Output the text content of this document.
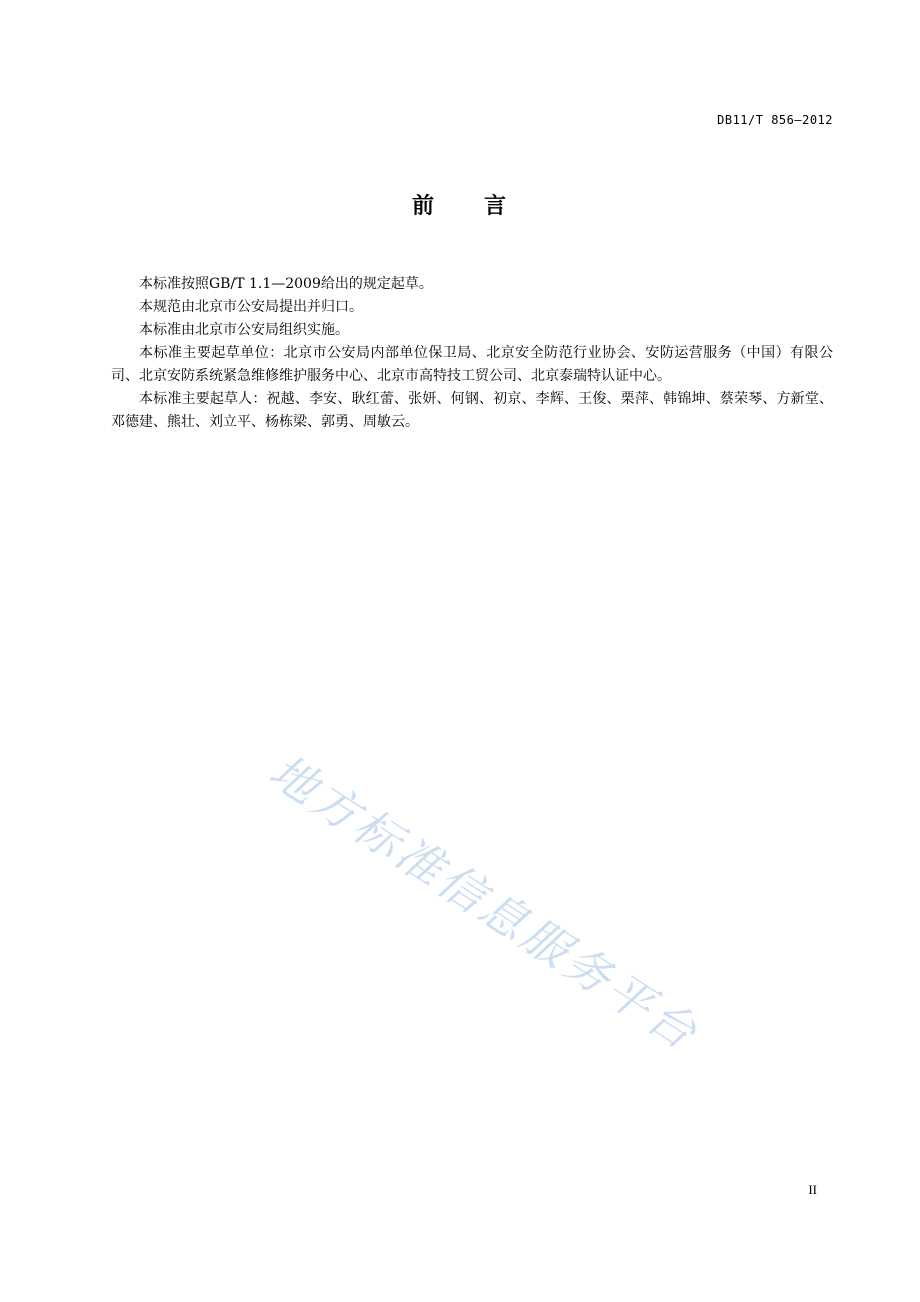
DB11/T 856—2012
前 言

本标准按照GB/T 1.1—2009给出的规定起草。

本规范由北京市公安局提出并归口。

本标准由北京市公安局组织实施。

本标准主要起草单位：北京市公安局内部单位保卫局、北京安全防范行业协会、安防运营服务（中国）有限公司、北京安防系统紧急维修维护服务中心、北京市高特技工贸公司、北京泰瑞特认证中心。

本标准主要起草人：祝越、李安、耿红蕾、张妍、何钢、初京、李辉、王俊、栗萍、韩锦坤、蔡荣琴、方新堂、邓德建、熊壮、刘立平、杨栋梁、郭勇、周敏云。

地方标准信息服务平台
II
